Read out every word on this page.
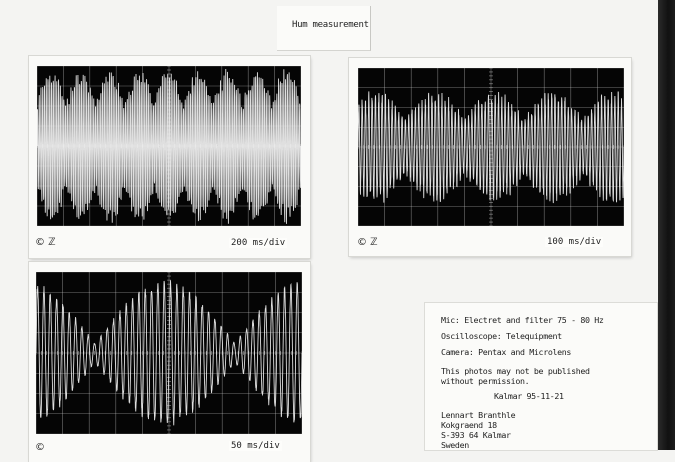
Hum measurement
© ℤ	200 ms/div	© ℤ	100 ms/div
©	50 ms/div
Mic: Electret and filter 75 - 80 Hz
Oscilloscope: Telequipment
Camera: Pentax and Microlens
This photos may not be published
without permission.
Kalmar 95-11-21
Lennart Branthle
Kokgraend 18
S-393 64 Kalmar
Sweden
